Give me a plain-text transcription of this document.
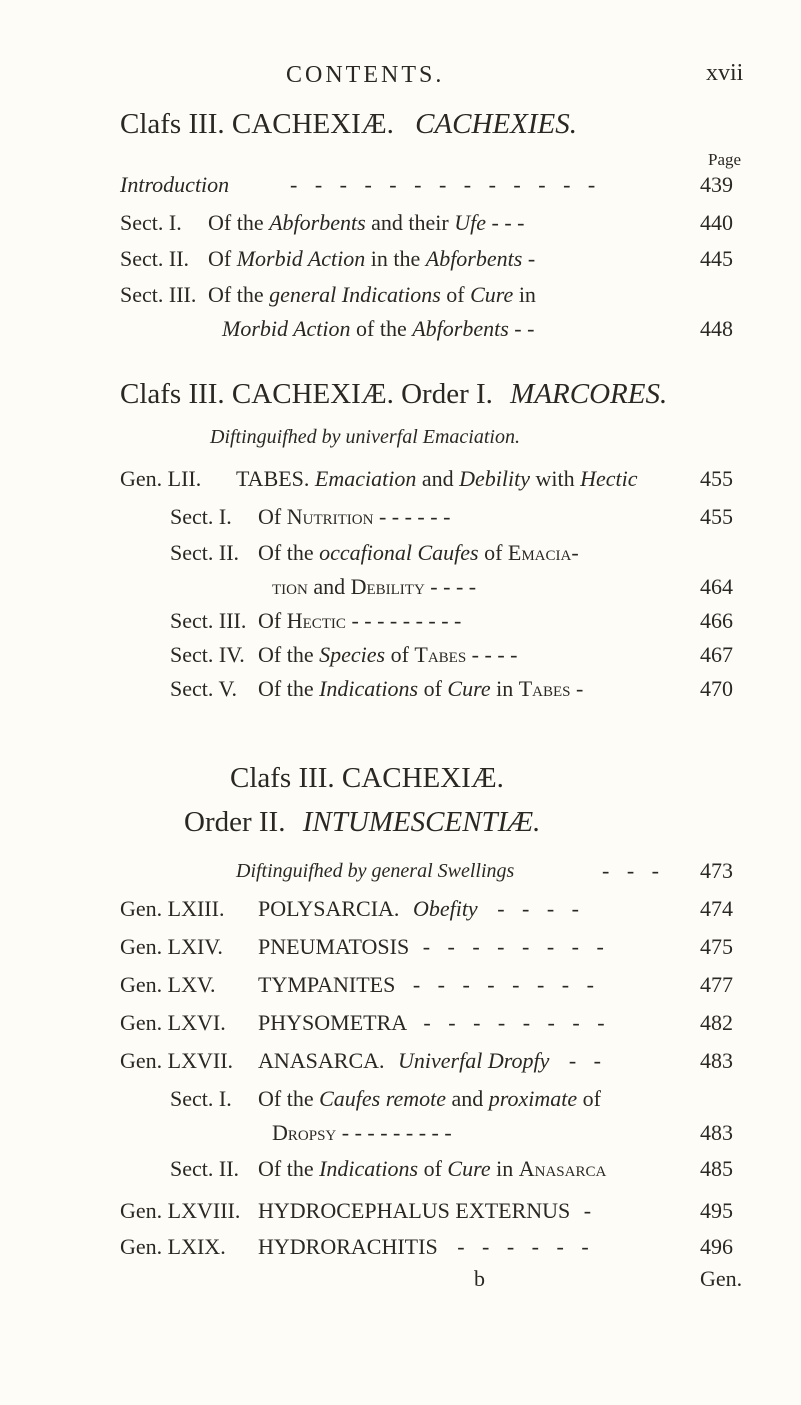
CONTENTS.	xvii
Clafs III. CACHEXIÆ. CACHEXIES.
Page
Introduction	- - - - - - - - - - - - -	439
Sect. I. Of the Abforbents and their Ufe - - -	440
Sect. II. Of Morbid Action in the Abforbents -	445
Sect. III. Of the general Indications of Cure in
Morbid Action of the Abforbents - -	448
Clafs III. CACHEXIÆ. Order I. MARCORES.
Diftinguifhed by univerfal Emaciation.
Gen. LII. TABES. Emaciation and Debility with Hectic	455
Sect. I. Of Nutrition - - - - - -	455
Sect. II. Of the occafional Caufes of Emacia-
tion and Debility - - - -	464
Sect. III. Of Hectic - - - - - - - - -	466
Sect. IV. Of the Species of Tabes - - - -	467
Sect. V. Of the Indications of Cure in Tabes -	470
Clafs III. CACHEXIÆ.
Order II. INTUMESCENTIÆ.
Diftinguifhed by general Swellings	- - - 473
Gen. LXIII. POLYSARCIA. Obefity - - - -	474
Gen. LXIV. PNEUMATOSIS - - - - - - - -	475
Gen. LXV. TYMPANITES - - - - - - - -	477
Gen. LXVI. PHYSOMETRA - - - - - - - -	482
Gen. LXVII. ANASARCA. Univerfal Dropfy - -	483
Sect. I. Of the Caufes remote and proximate of
Dropsy - - - - - - - - -	483
Sect. II. Of the Indications of Cure in Anasarca	485
Gen. LXVIII. HYDROCEPHALUS EXTERNUS -	495
Gen. LXIX. HYDRORACHITIS - - - - - -	496
b	Gen.
